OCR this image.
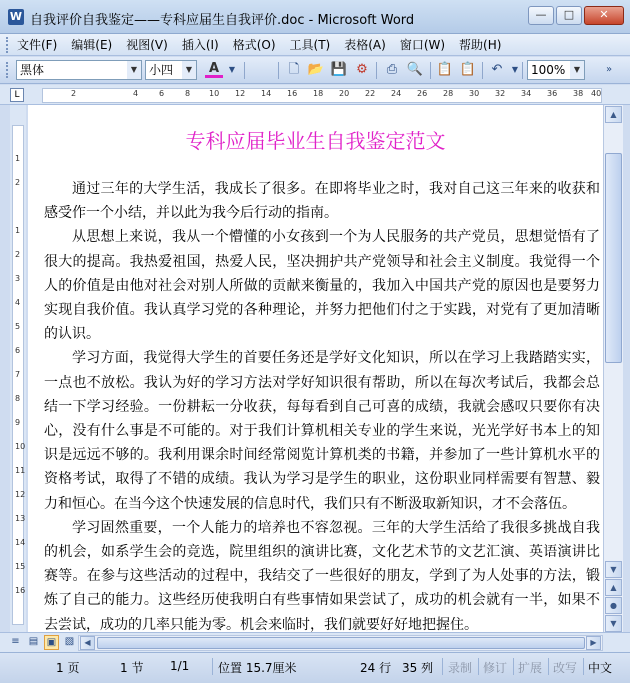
W 自我评价自我鉴定——专科应届生自我评价.doc - Microsoft Word	—	□	✕
文件(F) 编辑(E) 视图(V) 插入(I) 格式(O) 工具(T) 表格(A) 窗口(W) 帮助(H)
黑体	▼ 小四	▼	A	▼	🗋 📂 💾 ⚙ ⎙ 🔍 📋 📋 ↶	▼	100%	▼	»
L	2	4	6	8 10 12 14 16 18 20 22 24 26 28 30 32 34 36 38 40
1
2
1
2
3
4
5
6
7
8
9
10
11
12
13
14
15
16
专科应届毕业生自我鉴定范文

通过三年的大学生活，我成长了很多。在即将毕业之时，我对自己这三年来的收获和感受作一个小结，并以此为我今后行动的指南。

从思想上来说，我从一个懵懂的小女孩到一个为人民服务的共产党员，思想觉悟有了很大的提高。我热爱祖国，热爱人民，坚决拥护共产党领导和社会主义制度。我觉得一个人的价值是由他对社会对别人所做的贡献来衡量的，我加入中国共产党的原因也是要努力实现自我价值。我认真学习党的各种理论，并努力把他们付之于实践，对党有了更加清晰的认识。

学习方面，我觉得大学生的首要任务还是学好文化知识，所以在学习上我踏踏实实，一点也不放松。我认为好的学习方法对学好知识很有帮助，所以在每次考试后，我都会总结一下学习经验。一份耕耘一分收获，每每看到自己可喜的成绩，我就会感叹只要你有决心，没有什么事是不可能的。对于我们计算机相关专业的学生来说，光光学好书本上的知识是远远不够的。我利用课余时间经常阅览计算机类的书籍，并参加了一些计算机水平的资格考试，取得了不错的成绩。我认为学习是学生的职业，这份职业同样需要有智慧、毅力和恒心。在当今这个快速发展的信息时代，我们只有不断汲取新知识，才不会落伍。

学习固然重要，一个人能力的培养也不容忽视。三年的大学生活给了我很多挑战自我的机会，如系学生会的竞选，院里组织的演讲比赛，文化艺术节的文艺汇演、英语演讲比赛等。在参与这些活动的过程中，我结交了一些很好的朋友，学到了为人处事的方法，锻炼了自己的能力。这些经历使我明白有些事情如果尝试了，成功的机会就有一半，如果不去尝试，成功的几率只能为零。机会来临时，我们就要好好地把握住。

▲
▼
▲
●
▼
≡ ▤ ▣ ▧	◀	▶
1 页	1 节 1/1 位置 15.7厘米	24 行 35 列 录制 修订 扩展 改写 中文
